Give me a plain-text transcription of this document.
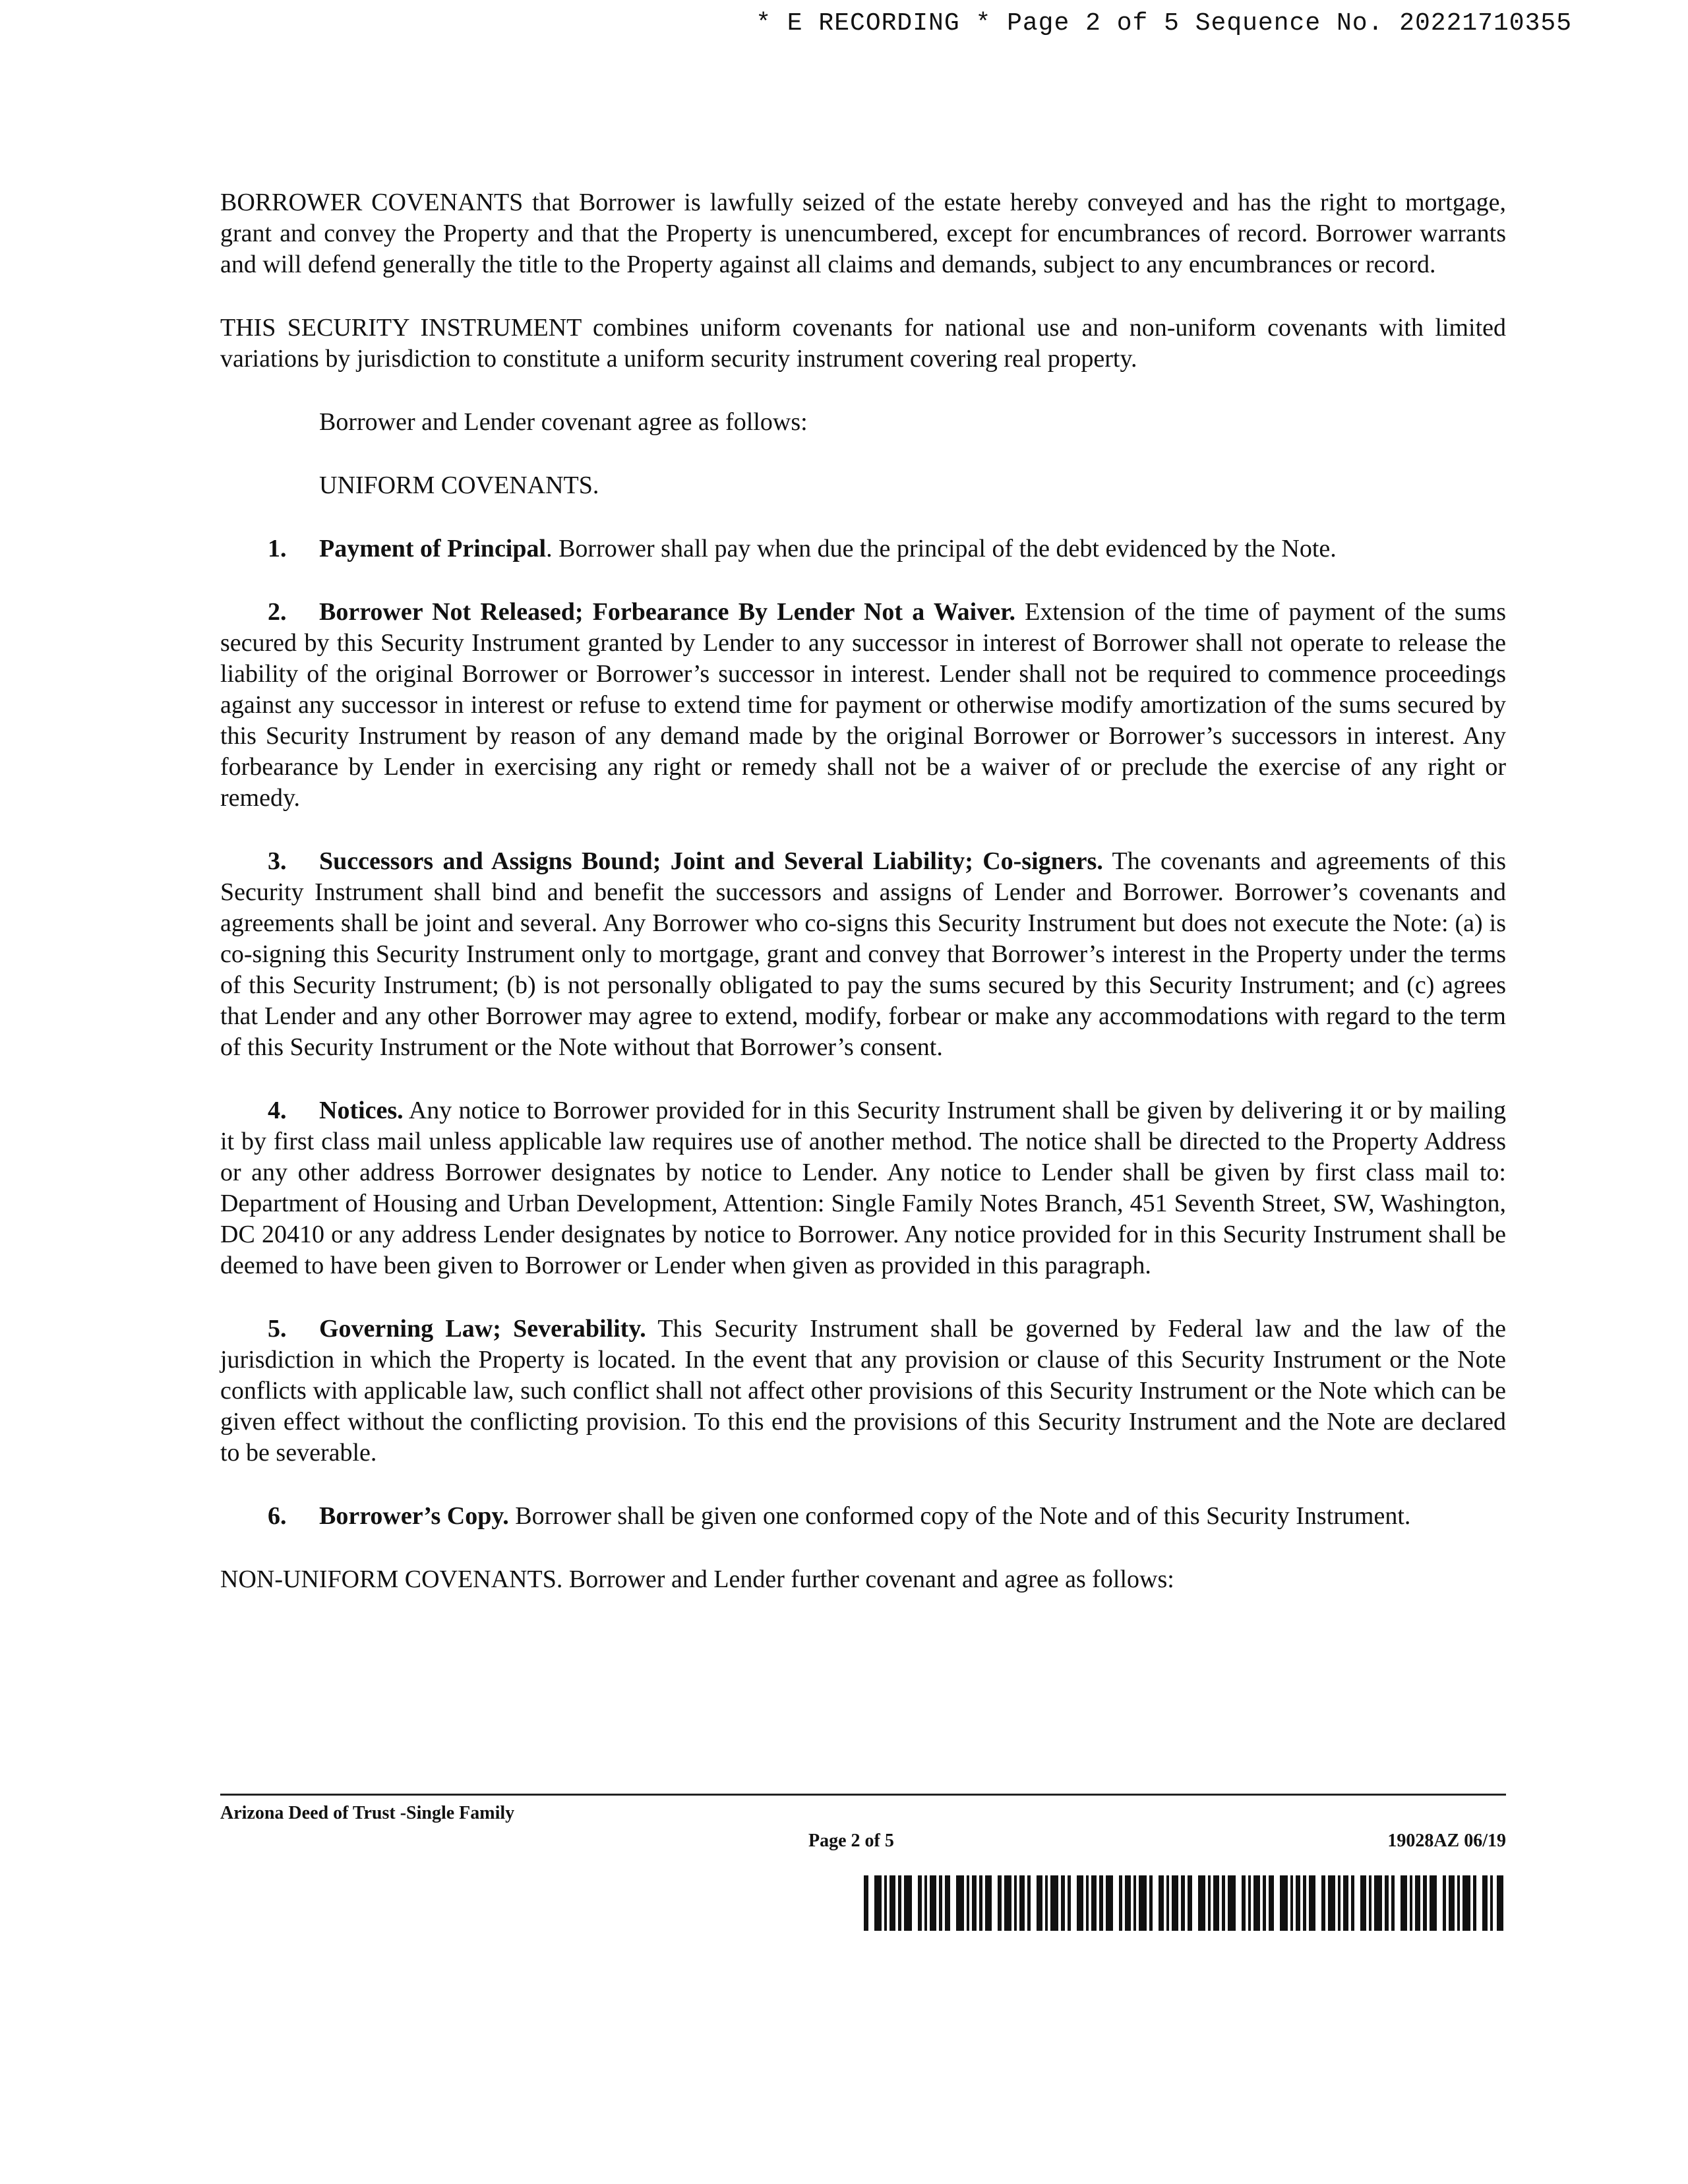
* E RECORDING * Page 2 of 5 Sequence No. 20221710355

BORROWER COVENANTS that Borrower is lawfully seized of the estate hereby conveyed and has the right to mortgage, grant and convey the Property and that the Property is unencumbered, except for encumbrances of record. Borrower warrants and will defend generally the title to the Property against all claims and demands, subject to any encumbrances or record.

THIS SECURITY INSTRUMENT combines uniform covenants for national use and non-uniform covenants with limited variations by jurisdiction to constitute a uniform security instrument covering real property.

Borrower and Lender covenant agree as follows:

UNIFORM COVENANTS.

1. Payment of Principal. Borrower shall pay when due the principal of the debt evidenced by the Note.

2. Borrower Not Released; Forbearance By Lender Not a Waiver. Extension of the time of payment of the sums secured by this Security Instrument granted by Lender to any successor in interest of Borrower shall not operate to release the liability of the original Borrower or Borrower’s successor in interest. Lender shall not be required to commence proceedings against any successor in interest or refuse to extend time for payment or otherwise modify amortization of the sums secured by this Security Instrument by reason of any demand made by the original Borrower or Borrower’s successors in interest. Any forbearance by Lender in exercising any right or remedy shall not be a waiver of or preclude the exercise of any right or remedy.

3. Successors and Assigns Bound; Joint and Several Liability; Co-signers. The covenants and agreements of this Security Instrument shall bind and benefit the successors and assigns of Lender and Borrower. Borrower’s covenants and agreements shall be joint and several. Any Borrower who co-signs this Security Instrument but does not execute the Note: (a) is co-signing this Security Instrument only to mortgage, grant and convey that Borrower’s interest in the Property under the terms of this Security Instrument; (b) is not personally obligated to pay the sums secured by this Security Instrument; and (c) agrees that Lender and any other Borrower may agree to extend, modify, forbear or make any accommodations with regard to the term of this Security Instrument or the Note without that Borrower’s consent.

4. Notices. Any notice to Borrower provided for in this Security Instrument shall be given by delivering it or by mailing it by first class mail unless applicable law requires use of another method. The notice shall be directed to the Property Address or any other address Borrower designates by notice to Lender. Any notice to Lender shall be given by first class mail to: Department of Housing and Urban Development, Attention: Single Family Notes Branch, 451 Seventh Street, SW, Washington, DC 20410 or any address Lender designates by notice to Borrower. Any notice provided for in this Security Instrument shall be deemed to have been given to Borrower or Lender when given as provided in this paragraph.

5. Governing Law; Severability. This Security Instrument shall be governed by Federal law and the law of the jurisdiction in which the Property is located. In the event that any provision or clause of this Security Instrument or the Note conflicts with applicable law, such conflict shall not affect other provisions of this Security Instrument or the Note which can be given effect without the conflicting provision. To this end the provisions of this Security Instrument and the Note are declared to be severable.

6. Borrower’s Copy. Borrower shall be given one conformed copy of the Note and of this Security Instrument.

NON-UNIFORM COVENANTS. Borrower and Lender further covenant and agree as follows:

Arizona Deed of Trust -Single Family
Page 2 of 5	19028AZ 06/19
